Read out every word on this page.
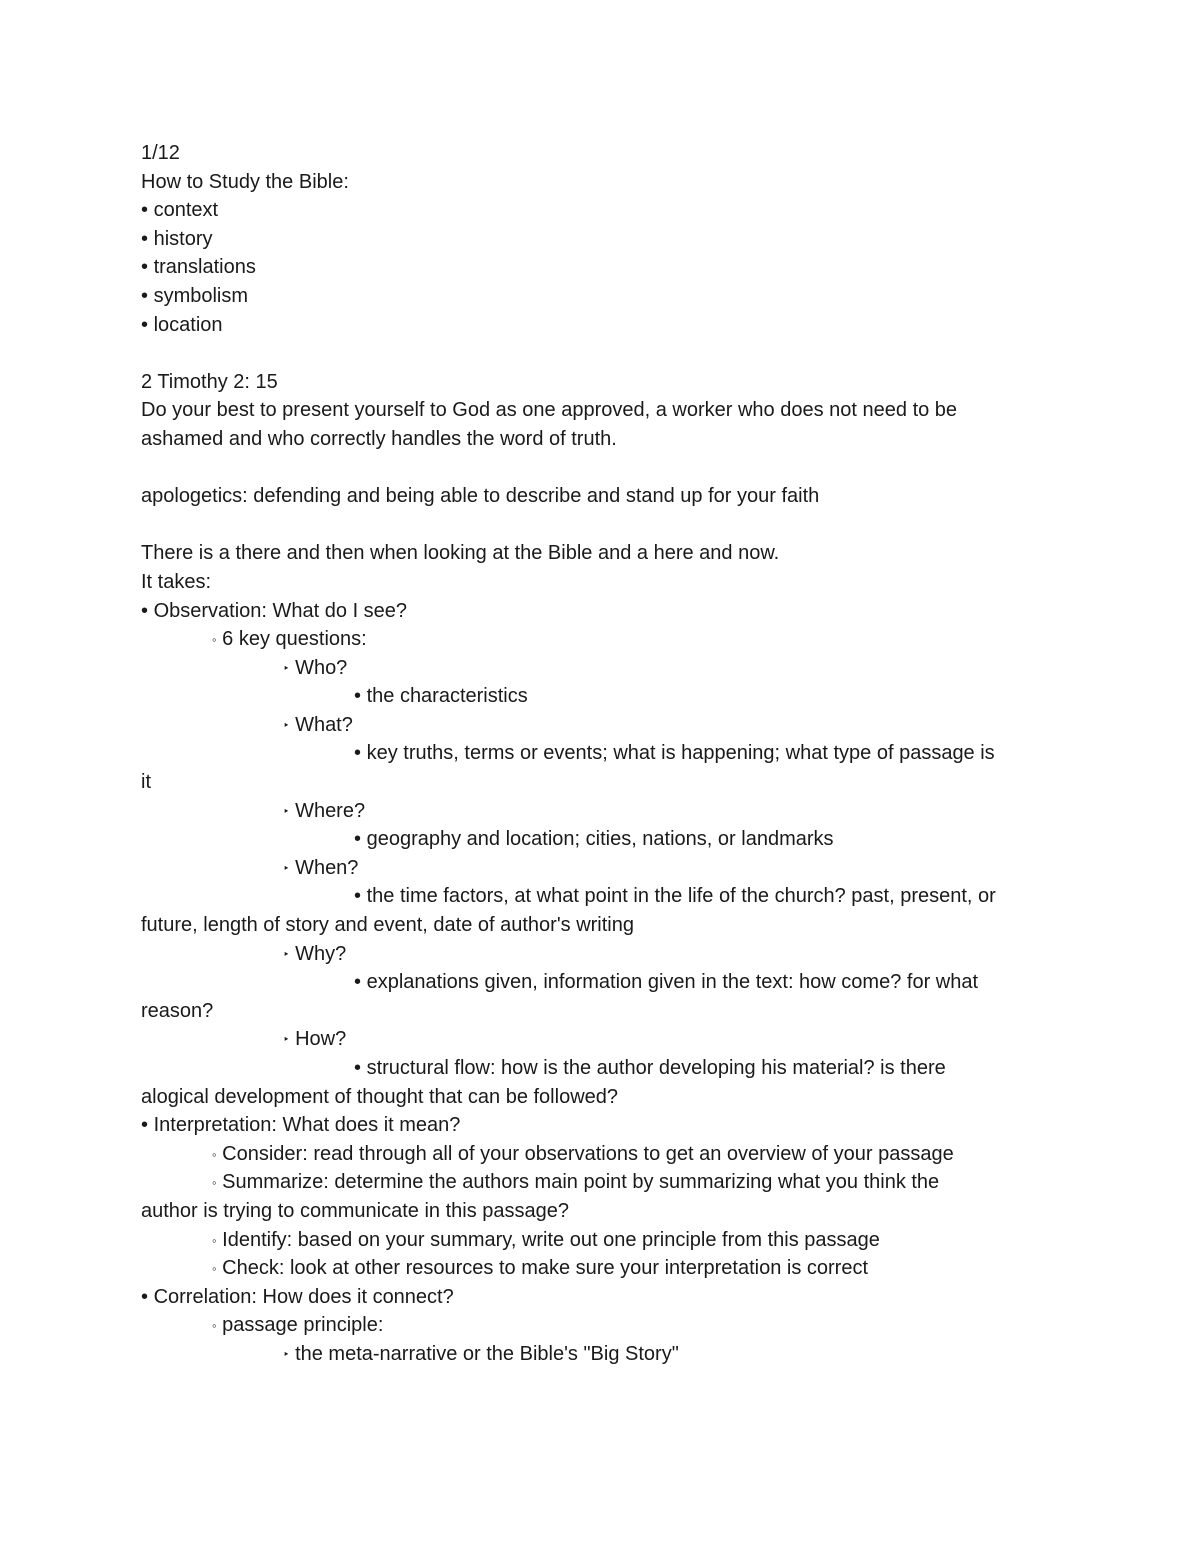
1/12
How to Study the Bible:
• context
• history
• translations
• symbolism
• location
2 Timothy 2: 15
Do your best to present yourself to God as one approved, a worker who does not need to be
ashamed and who correctly handles the word of truth.
apologetics: defending and being able to describe and stand up for your faith
There is a there and then when looking at the Bible and a here and now.
It takes:
• Observation: What do I see?
◦ 6 key questions:
‣ Who?
• the characteristics
‣ What?
• key truths, terms or events; what is happening; what type of passage is
it
‣ Where?
• geography and location; cities, nations, or landmarks
‣ When?
• the time factors, at what point in the life of the church? past, present, or
future, length of story and event, date of author's writing
‣ Why?
• explanations given, information given in the text: how come? for what
reason?
‣ How?
• structural flow: how is the author developing his material? is there
alogical development of thought that can be followed?
• Interpretation: What does it mean?
◦ Consider: read through all of your observations to get an overview of your passage
◦ Summarize: determine the authors main point by summarizing what you think the
author is trying to communicate in this passage?
◦ Identify: based on your summary, write out one principle from this passage
◦ Check: look at other resources to make sure your interpretation is correct
• Correlation: How does it connect?
◦ passage principle:
‣ the meta-narrative or the Bible's "Big Story"
